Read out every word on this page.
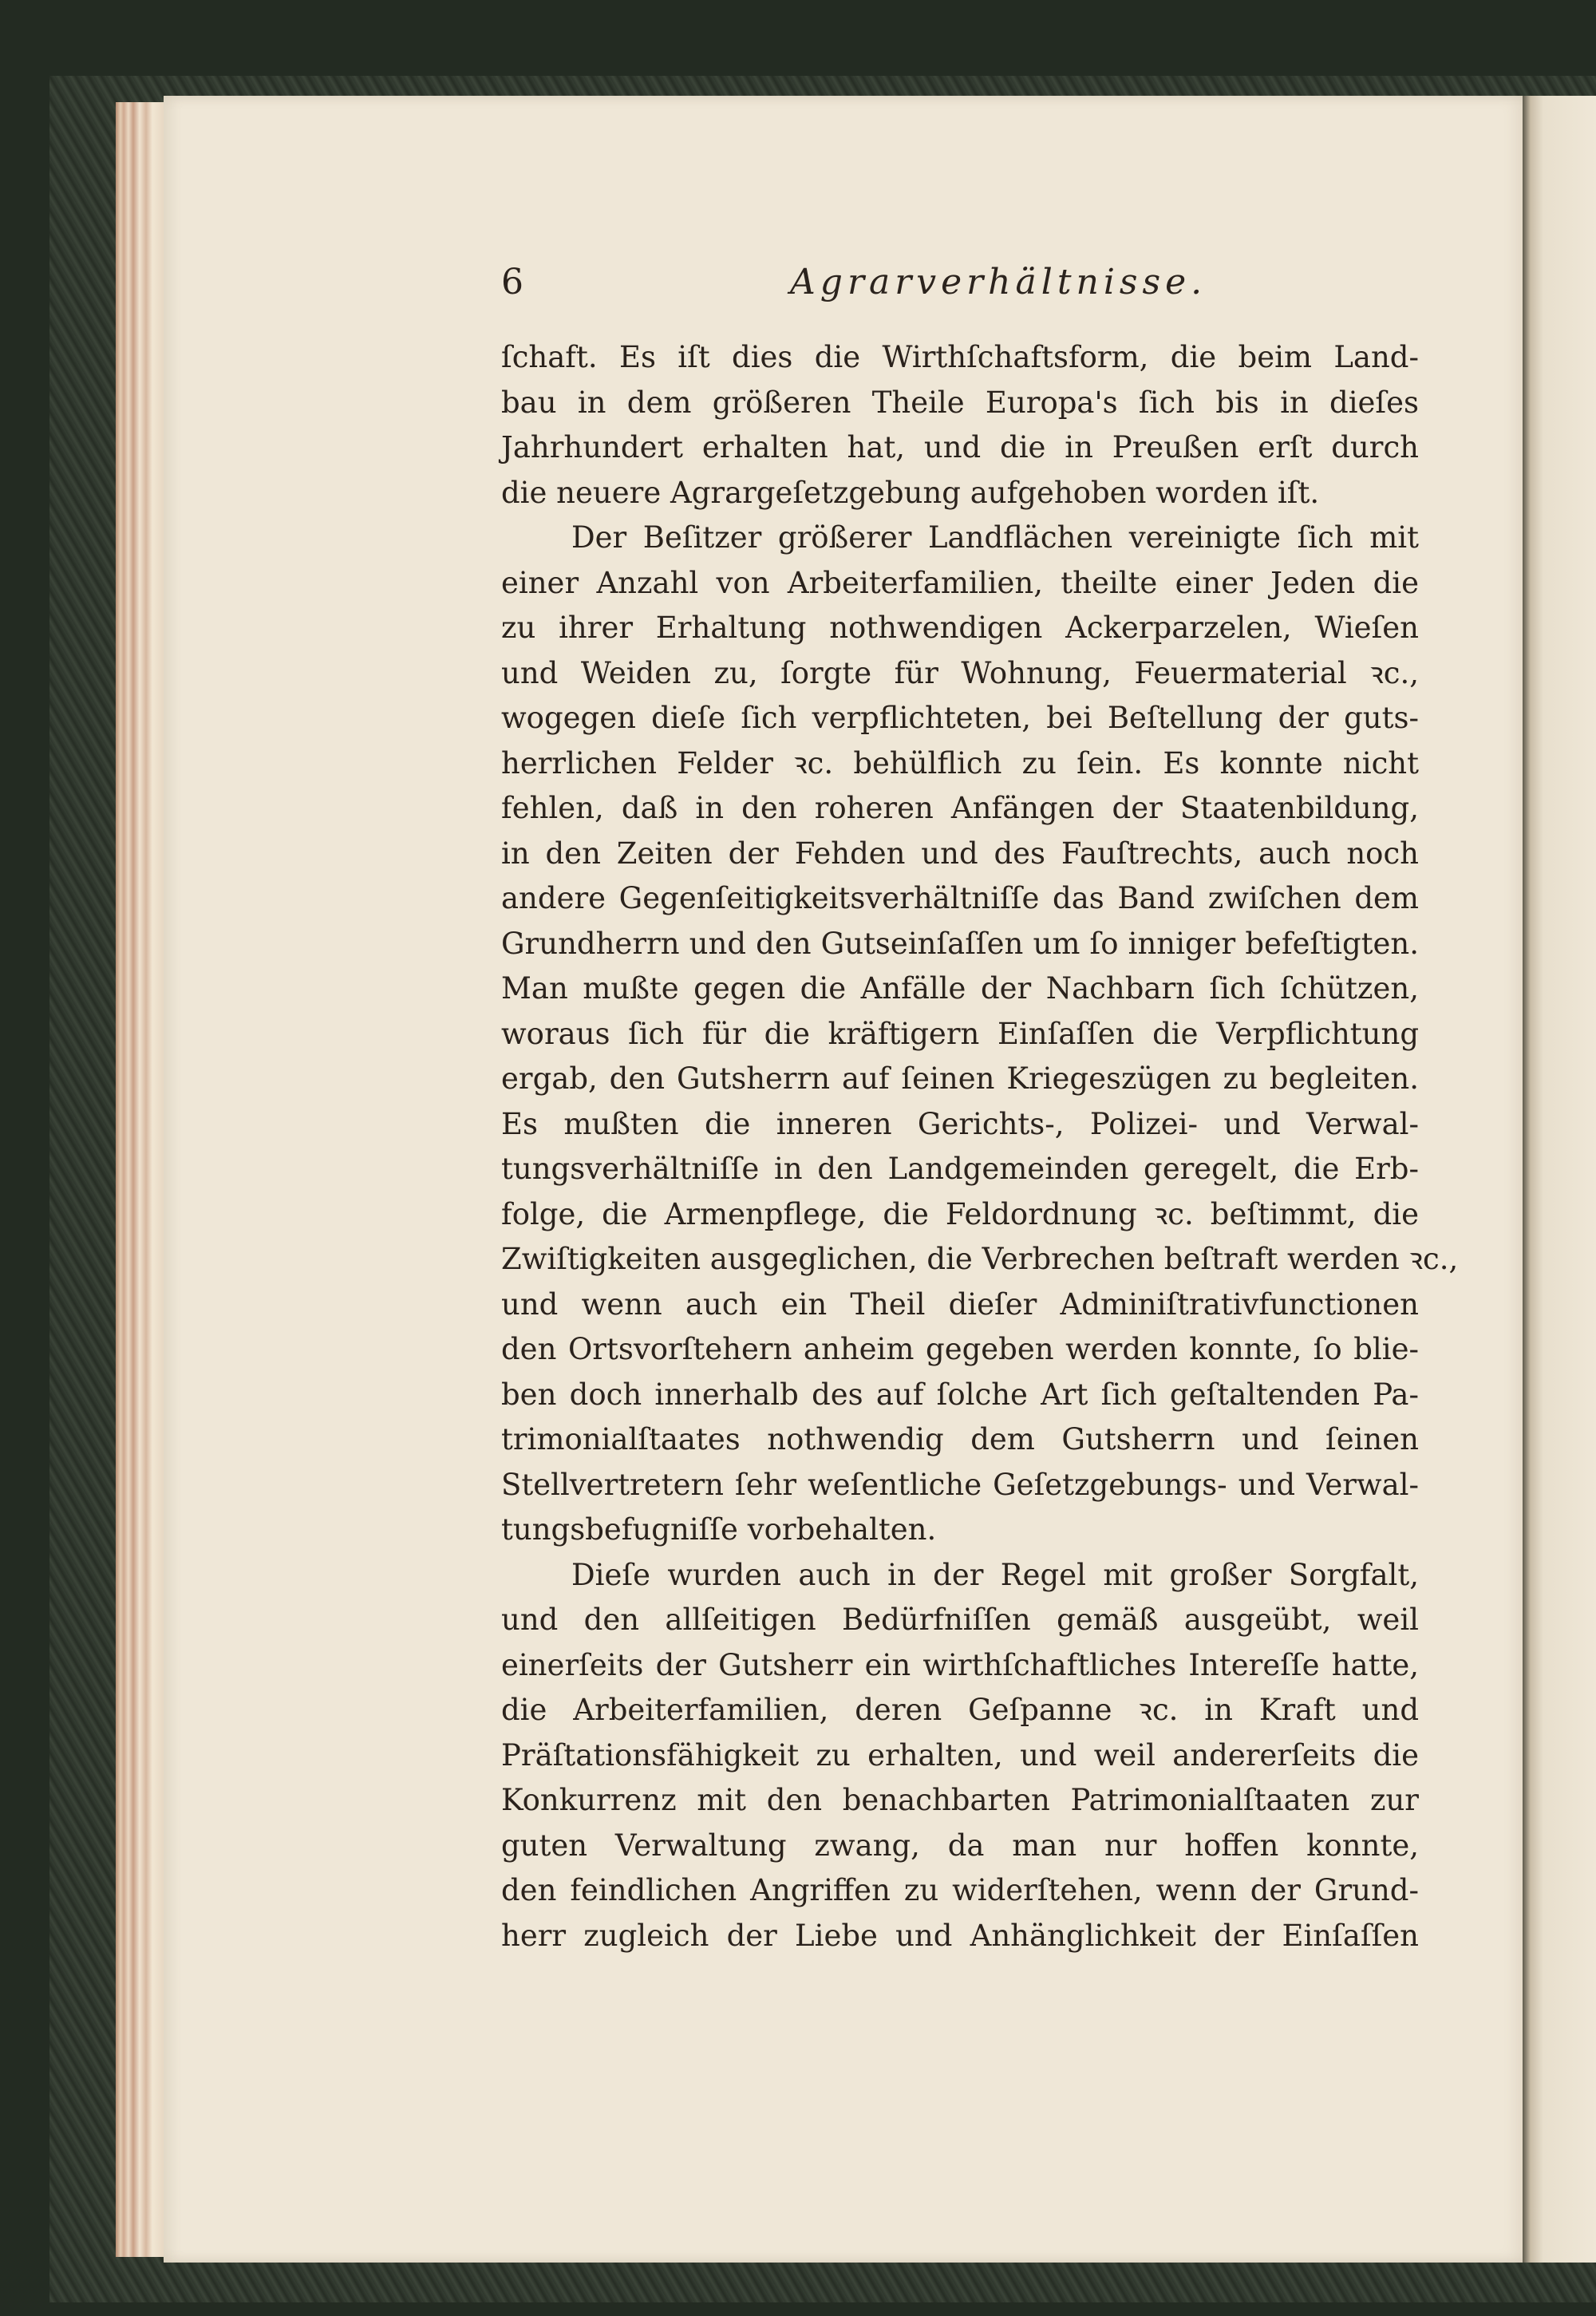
6	Agrarverhältnisse.
ſchaft. Es iſt dies die Wirthſchaftsform, die beim Land-
bau in dem größeren Theile Europa's ſich bis in dieſes
Jahrhundert erhalten hat, und die in Preußen erſt durch
die neuere Agrargeſetzgebung aufgehoben worden iſt.
Der Beſitzer größerer Landflächen vereinigte ſich mit
einer Anzahl von Arbeiterfamilien, theilte einer Jeden die
zu ihrer Erhaltung nothwendigen Ackerparzelen, Wieſen
und Weiden zu, ſorgte für Wohnung, Feuermaterial ꝛc.,
wogegen dieſe ſich verpflichteten, bei Beſtellung der guts-
herrlichen Felder ꝛc. behülflich zu ſein. Es konnte nicht
fehlen, daß in den roheren Anfängen der Staatenbildung,
in den Zeiten der Fehden und des Fauſtrechts, auch noch
andere Gegenſeitigkeitsverhältniſſe das Band zwiſchen dem
Grundherrn und den Gutseinſaſſen um ſo inniger befeſtigten.
Man mußte gegen die Anfälle der Nachbarn ſich ſchützen,
woraus ſich für die kräftigern Einſaſſen die Verpflichtung
ergab, den Gutsherrn auf ſeinen Kriegeszügen zu begleiten.
Es mußten die inneren Gerichts-, Polizei- und Verwal-
tungsverhältniſſe in den Landgemeinden geregelt, die Erb-
folge, die Armenpflege, die Feldordnung ꝛc. beſtimmt, die
Zwiſtigkeiten ausgeglichen, die Verbrechen beſtraft werden ꝛc.,
und wenn auch ein Theil dieſer Adminiſtrativfunctionen
den Ortsvorſtehern anheim gegeben werden konnte, ſo blie-
ben doch innerhalb des auf ſolche Art ſich geſtaltenden Pa-
trimonialſtaates nothwendig dem Gutsherrn und ſeinen
Stellvertretern ſehr weſentliche Geſetzgebungs- und Verwal-
tungsbefugniſſe vorbehalten.
Dieſe wurden auch in der Regel mit großer Sorgfalt,
und den allſeitigen Bedürfniſſen gemäß ausgeübt, weil
einerſeits der Gutsherr ein wirthſchaftliches Intereſſe hatte,
die Arbeiterfamilien, deren Geſpanne ꝛc. in Kraft und
Präſtationsfähigkeit zu erhalten, und weil andererſeits die
Konkurrenz mit den benachbarten Patrimonialſtaaten zur
guten Verwaltung zwang, da man nur hoffen konnte,
den feindlichen Angriffen zu widerſtehen, wenn der Grund-
herr zugleich der Liebe und Anhänglichkeit der Einſaſſen
